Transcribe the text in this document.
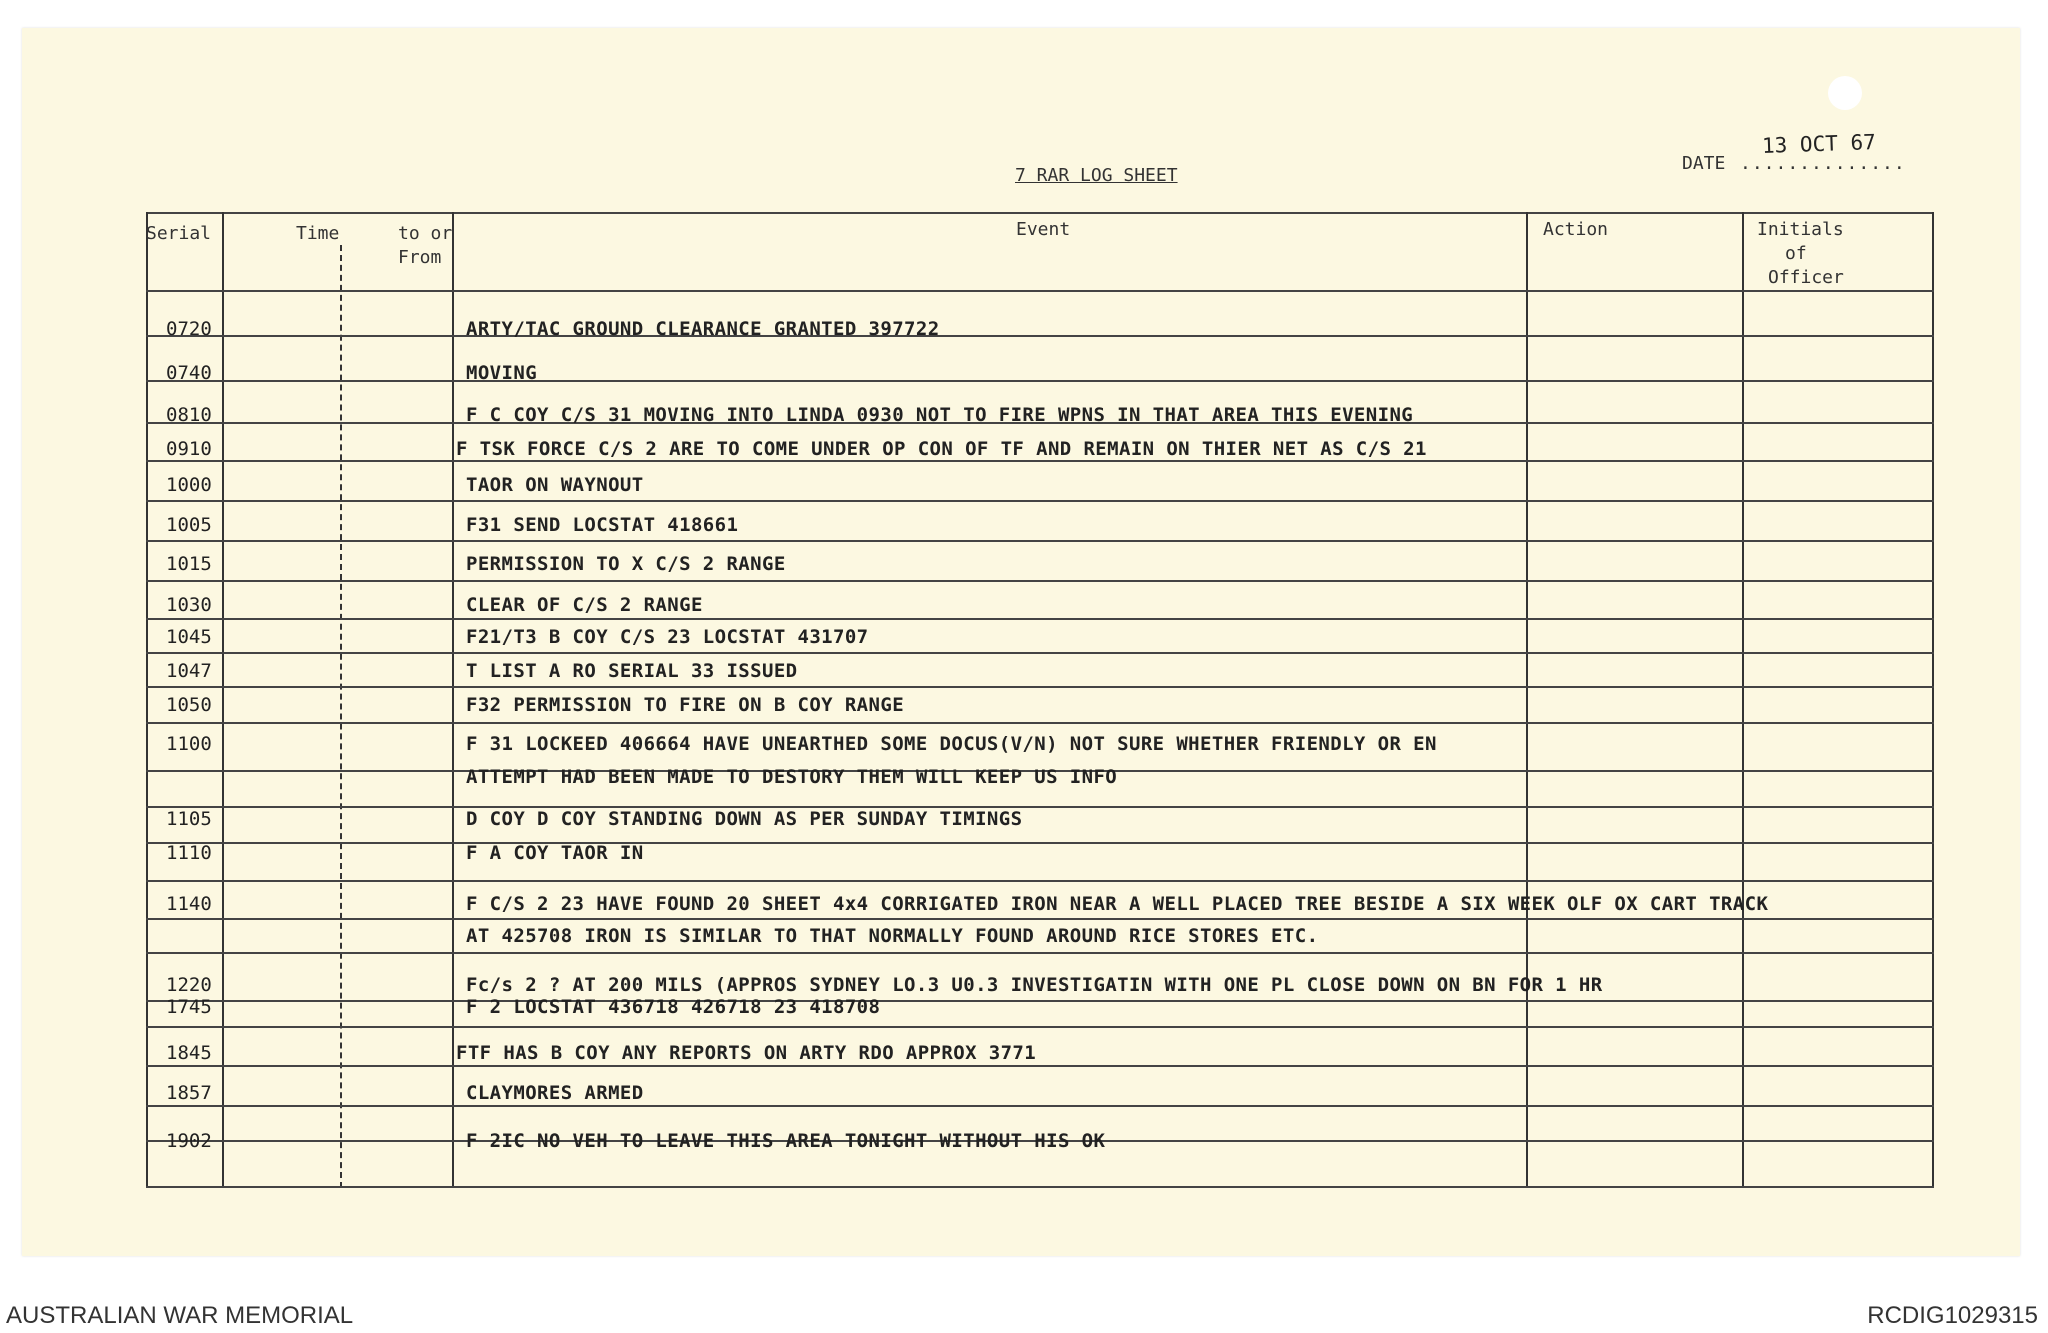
7 RAR LOG SHEET
13 OCT 67
DATE ..............
Serial	Time	to or
From
Event	Action	Initials
of
Officer
0720	ARTY/TAC GROUND CLEARANCE GRANTED 397722
0740	MOVING
0810	F C COY C/S 31 MOVING INTO LINDA 0930 NOT TO FIRE WPNS IN THAT AREA THIS EVENING
0910	F TSK FORCE C/S 2 ARE TO COME UNDER OP CON OF TF AND REMAIN ON THIER NET AS C/S 21
1000	TAOR ON WAYNOUT
1005	F31 SEND LOCSTAT 418661
1015	PERMISSION TO X C/S 2 RANGE
1030	CLEAR OF C/S 2 RANGE
1045	F21/T3 B COY C/S 23 LOCSTAT 431707
1047	T LIST A RO SERIAL 33 ISSUED
1050	F32 PERMISSION TO FIRE ON B COY RANGE
1100	F 31 LOCKEED 406664 HAVE UNEARTHED SOME DOCUS(V/N) NOT SURE WHETHER FRIENDLY OR EN
ATTEMPT HAD BEEN MADE TO DESTORY THEM WILL KEEP US INFO
1105	D COY D COY STANDING DOWN AS PER SUNDAY TIMINGS
1110	F A COY TAOR IN
1140	F C/S 2 23 HAVE FOUND 20 SHEET 4x4 CORRIGATED IRON NEAR A WELL PLACED TREE BESIDE A SIX WEEK OLF OX CART TRACK
AT 425708 IRON IS SIMILAR TO THAT NORMALLY FOUND AROUND RICE STORES ETC.
1220	Fc/s 2 ? AT 200 MILS (APPROS SYDNEY LO.3 U0.3 INVESTIGATIN WITH ONE PL CLOSE DOWN ON BN FOR 1 HR
1745	F 2 LOCSTAT 436718 426718 23 418708
1845	FTF HAS B COY ANY REPORTS ON ARTY RDO APPROX 3771
1857	CLAYMORES ARMED
1902	F 2IC NO VEH TO LEAVE THIS AREA TONIGHT WITHOUT HIS OK
AUSTRALIAN WAR MEMORIAL	RCDIG1029315
